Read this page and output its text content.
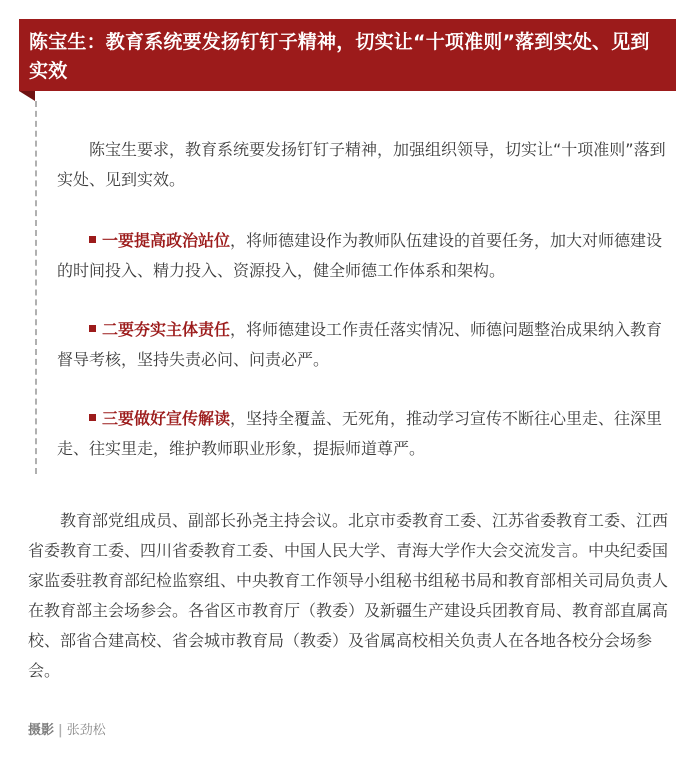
陈宝生：教育系统要发扬钉钉子精神，切实让“十项准则”落到实处、见到实效

陈宝生要求，教育系统要发扬钉钉子精神，加强组织领导，切实让“十项准则”落到实处、见到实效。

一要提高政治站位，将师德建设作为教师队伍建设的首要任务，加大对师德建设的时间投入、精力投入、资源投入，健全师德工作体系和架构。

二要夯实主体责任，将师德建设工作责任落实情况、师德问题整治成果纳入教育督导考核，坚持失责必问、问责必严。

三要做好宣传解读，坚持全覆盖、无死角，推动学习宣传不断往心里走、往深里走、往实里走，维护教师职业形象，提振师道尊严。

教育部党组成员、副部长孙尧主持会议。北京市委教育工委、江苏省委教育工委、江西省委教育工委、四川省委教育工委、中国人民大学、青海大学作大会交流发言。中央纪委国家监委驻教育部纪检监察组、中央教育工作领导小组秘书组秘书局和教育部相关司局负责人在教育部主会场参会。各省区市教育厅（教委）及新疆生产建设兵团教育局、教育部直属高校、部省合建高校、省会城市教育局（教委）及省属高校相关负责人在各地各校分会场参会。

摄影 | 张劲松
